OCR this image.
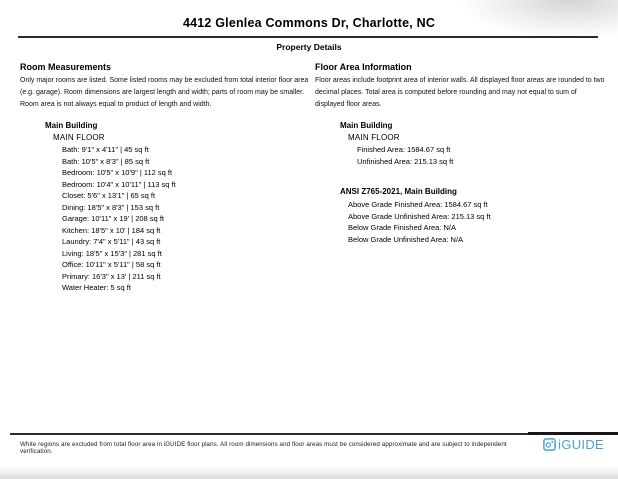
4412 Glenlea Commons Dr, Charlotte, NC
Property Details
Room Measurements

Only major rooms are listed. Some listed rooms may be excluded from total interior floor area (e.g. garage). Room dimensions are largest length and width; parts of room may be smaller. Room area is not always equal to product of length and width.

Main Building
MAIN FLOOR
Bath: 9'1" x 4'11" | 45 sq ft
Bath: 10'5" x 8'3" | 85 sq ft
Bedroom: 10'5" x 10'9" | 112 sq ft
Bedroom: 10'4" x 10'11" | 113 sq ft
Closet: 5'6" x 13'1" | 65 sq ft
Dining: 18'5" x 8'3" | 153 sq ft
Garage: 10'11" x 19' | 208 sq ft
Kitchen: 18'5" x 10' | 184 sq ft
Laundry: 7'4" x 5'11" | 43 sq ft
Living: 18'5" x 15'3" | 281 sq ft
Office: 10'11" x 5'11" | 58 sq ft
Primary: 16'3" x 13' | 211 sq ft
Water Heater: 5 sq ft
Floor Area Information

Floor areas include footprint area of interior walls. All displayed floor areas are rounded to two decimal places. Total area is computed before rounding and may not equal to sum of displayed floor areas.

Main Building
MAIN FLOOR
Finished Area: 1584.67 sq ft
Unfinished Area: 215.13 sq ft
ANSI Z765-2021, Main Building
Above Grade Finished Area: 1584.67 sq ft
Above Grade Unfinished Area: 215.13 sq ft
Below Grade Finished Area: N/A
Below Grade Unfinished Area: N/A
White regions are excluded from total floor area in iGUIDE floor plans. All room dimensions and floor areas must be considered approximate and are subject to independent verification.	iGUIDE
